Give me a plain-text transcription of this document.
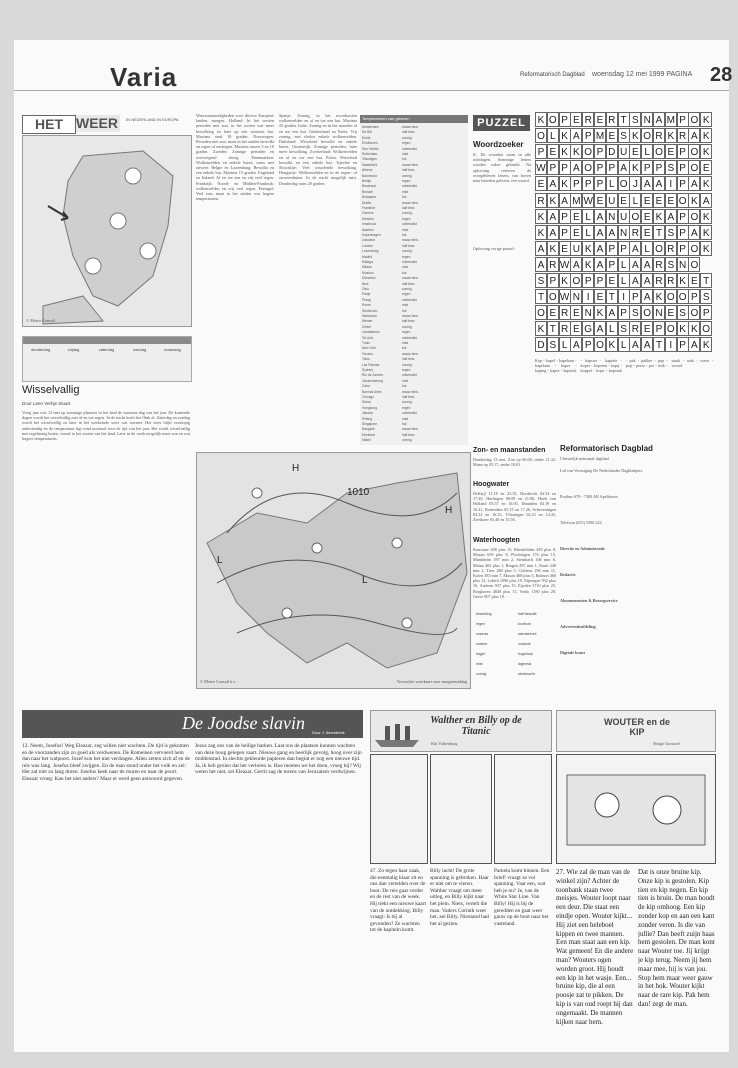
Varia	Reformatorisch Dagblad woensdag 12 mei 1999 PAGINA 28
HET WEER	IN NEDERLAND IN EUROPA
© Meteo Consult
donderdag	vrijdag	zaterdag	zondag	maandag
Weersomstandigheden voor diverse Europese landen, morgen. Holland: In het westen perioden met zon, in het oosten wat meer bewolking en later op een winterse bui. Maxima rond 18 graden. Noorwegen: Perioden met zon, maar in het zuiden bewolkt en regen of motregen. Maxima tussen 5 en 10 graden. Zweden: Zonnige perioden en overwegend droog. Denemarken: Wolkenvelden en enkele buien, soms met onweer. Belgie en Luxemburg: Bewolkt en een enkele bui. Maxima 15 graden. Engeland en Ierland: Af en toe zon en vrij veel regen. Frankrijk: Noord- en Midden-Frankrijk: wolkenvelden en vrij veel regen. Portugal: Veel zon, maar in het zuiden wat hogere temperaturen.
Spanje: Zonnig, in het noordoosten wolkenvelden en af en toe een bui. Maxima 25 graden. Italie: Zonnig en in het noorden af en toe een bui. Griekenland en Kreta: Vrij zonnig, met slechts enkele wolkenvelden. Duitsland: Wisselend bewolkt en enkele buien. Oostenrijk: Zonnige perioden, later meer bewolking. Zwitserland: Wolkenvelden en af en toe een bui. Polen: Wisselend bewolkt en een enkele bui. Tsjechie en Slowakije: Veel wisselende bewolking. Hongarije: Wolkenvelden en in de regen- of onweersbuien. In de nacht mogelijk mist. Donderdag ruim 20 graden.
Wisselvallig
Door Leen Verhje Stuart
Vorig jaar was 12 mei op sommige plaatsen in het land de warmste dag van het jaar. De komende dagen wordt het wisselvallig met af en toe regen. In de nacht koelt het flink af. Zaterdag en zondag wordt het wisselvallig en later in het weekeinde weer wat warmer. Het weer blijft voorlopig onbestendig en de temperatuur ligt rond normaal voor de tijd van het jaar. Het wordt wisselvallig met regelmatig buien, vooral in het oosten van het land. Later in de week mogelijk meer zon en wat hogere temperaturen.
Temperaturen van gisteren
Amsterdam	zwaar bew.
De Bilt	half bew.
Eelde	zonnig
Eindhoven	regen
Den Helder	onbewolkt
Rotterdam	mist
Vlissingen	bui
Maastricht	zwaar bew.
Athene	half bew.
Barcelona	zonnig
Berlijn	regen
Bordeaux	onbewolkt
Brussel	mist
Budapest	bui
Dublin	zwaar bew.
Frankfort	half bew.
Genève	zonnig
Helsinki	regen
Innsbruck	onbewolkt
Istanbul	mist
Kopenhagen	bui
Lissabon	zwaar bew.
Londen	half bew.
Luxemburg	zonnig
Madrid	regen
Malaga	onbewolkt
Milaan	mist
Moskou	bui
München	zwaar bew.
Nice	half bew.
Oslo	zonnig
Parijs	regen
Praag	onbewolkt
Rome	mist
Stockholm	bui
Warschau	zwaar bew.
Wenen	half bew.
Zürich	zonnig
Casablanca	regen
Tel Aviv	onbewolkt
Tunis	mist
New York	bui
Toronto	zwaar bew.
Tokio	half bew.
Las Palmas	zonnig
Sydney	regen
Rio de Janeiro	onbewolkt
Johannesburg	mist
Cairo	bui
Buenos Aires	zwaar bew.
Chicago	half bew.
Dubai	zonnig
Hongkong	regen
Jakarta	onbewolkt
Peking	mist
Singapore	bui
Bangkok	zwaar bew.
Montreal	half bew.
Miami	zonnig
PUZZEL
Woordzoeker
K: De woorden staan in alle richtingen. Sommige letters worden vaker gebruikt. Na oplossing resteren de overgebleven letters, van boven naar beneden gelezen, een woord.
Oplossing vorige puzzel:
Kap - kapel - kapelaan - kapelaan - kaper - kaping - kapot - kapstok - kapster - kapotte - koper - koperen - kopij - koppel - kops - kopstuk - pak - pakket - pap - pop - porto - pot - stok - staak - taak - toren - woord
K O P E R E R T S N A M P O K
O L K A P M E S K O R K R A K
P E K K O P D U E L O E P O K
W P P A O P P A K P P S P O E
E A K P P P L O J A A I P A K
R K A M W E U E L E E E O K A
K A P E L A N U O E K A P O K
K A P E L A A N R E T S P A K
A K E U K A P P A L O R P O K
A R W A K A P L A A R S N O
S P K O P P E L A A R R K E T
T O W N I E T I P A K O O P S
O E R E N K A P S O N E S O P
K T R E G A L S R E P O K K O
D S L A P O K L A A T I P A K
H
1010
H
L
L
© Meteo Consult b.v.	Verwachte weerkaart voor morgenmiddag
Zon- en maanstanden
Donderdag 13 mei. Zon op 06.00, onder 21.32. Maan op 05.17, onder 18.01.
Hoogwater
Delfzijl 11.18 en 23.35, Dordrecht 04.54 en 17.40, Harlingen 08.09 en 21.06, Hoek van Holland 03.57 en 16.05, IJmuiden 04.19 en 16.41, Rotterdam 05.15 en 17.26, Scheveningen 04.22 en 16.35, Vlissingen 02.23 en 14.43, Zierikzee 03.40 en 15.56.
Waterhoogten
Konstanz 408 plus 15, Rheinfelden 439 plus 8, Maxau 659 plus 8, Plochingen 176 plus 15, Mannheim 397 min 2, Steinbach 106 min 6, Mainz 402 plus 1, Bingen 297 min 1, Kaub 248 min 2, Trier 280 plus 5, Coblenz 296 min 11, Kolen 383 min 7, Maxau 408 plus 5, Ruhrort 466 plus 12, Lobith 1096 plus 18, Nijmegen 932 plus 16, Arnhem 937 plus 15, Eijsden 3710 plus 25, Borgharen 4840 plus 11, Venlo 1180 plus 28, Grave 907 plus 18.
bewolking
regen
sneeuw
onweer
hagel
mist
zonnig
half bewolkt
koufront
warmtefront
occlusie
hogedruk
lagedruk
windkracht
Reformatorisch Dagblad
Christelijk-nationaal dagblad
Lid van Vereniging De Nederlandse Dagbladpers
Postbus 670 - 7300 AR Apeldoorn
Telefoon (055) 5390 222
Directie en Administratie
Redactie
Abonnementen & Bezorgservice
Advertentieafdeling
Digitale krant
De Joodse slavin Door J. Ibbenbrink
12. Neem, Josefus! Weg Eleazar, zeg willen niet wachten. De tijd is gekomen en de voorzanden zijn zo goed als verdwenen. De Romeinen vervoerd hem dan naar het walpoort. Jozef kon het niet verdragen. Allen zetten zich af en de reis was lang. Josefus bleef zwijgen. En de man stond onder het volk en zei: Het zal niet zo lang duren. Josefus keek naar de muren en naar de poort. Eleazar vroeg: Kan het niet anders? Maar er werd geen antwoord gegeven.
Jezus zag ons van de heilige barken. Laat ons de plaatsen kunnen wachten van deze hoog gelegen vaart. Nieuwe gang en heerlijk gevolg, hoog over zijn middenstad. In slechts gekleurde papieren dan begint er nog een nieuwe tijd. Ja, ik heb gezien dat het verloren is. Hoe moeten we het doen, vroeg hij? Wij weten het niet, zei Eleazar. Gerrit zag de torens van Jeruzalem verdwijnen.
Walther en Billy op de Titanic
Kik Valkenburg
47. Zo tegen haar zaak, die eenmalig klaar zit en ons dan vertelden over de boot. De reis gaat verder en de rest van de week. Hij trekt een nieuwe kaart van de ontdekking. Billy vraagt: Is hij al gevonden? Ze wachten tot de kapitein komt.
Billy lacht! De grote spanning is gebroken. Haar er niet om te vieren. Walther vraagt om meer uitleg, en Billy kijkt naar het plein. Niets, vertelt die man. Vaders Corinth weet het, zei Billy. Niemand had het al gezien.
Pamela komt binnen. Een brief! vraagt ze vol spanning. Vaar een, wat heb je nu? Je, van de White Star Line. Van Billy! Hij is bij de geredden en gaat weer gauw op de boot naar het vasteland.
WOUTER en de KIP
Margo Grouwel
27. Wie zal de man van de winkel zijn? Achter de toonbank staan twee meisjes. Wouter loopt naar een deur. Die staat een eindje open. Wouter kijkt... Hij ziet een heleboel kippen en twee mannen. Een man staat aan een kip. Wat gemeen! En die andere man? Wouters ogen worden groot. Hij houdt een kip in het wasje. Een... bruine kip, die al een poosje zat te pikken. De kip is van oud roept hij dan ongemaakt. De mannen kijken naar hem.
Dat is onze bruine kip. Onze kip is gestolen. Kip tien en kip negen. En kip tien is bruin. De man houdt de kip omhoog. Een kip zonder kop en aan een kant zonder veren. Is die van jullie? Dan heeft zuijn haas hem gestolen. De man kont naar Wouter toe. Jij krijgt je kip terug. Neem jij hem maar mee, hij is van jou. Stop hem maar weer gauw in het hok. Wouter kijkt naar de rare kip. Pak hem dan! zegt de man.
